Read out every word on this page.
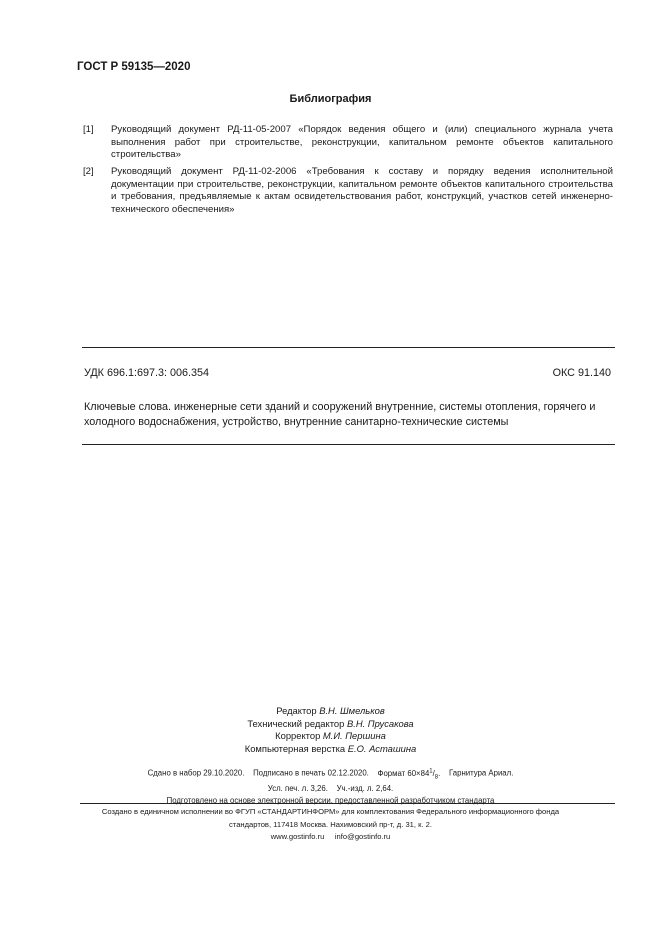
ГОСТ Р 59135—2020
Библиография
[1] Руководящий документ РД-11-05-2007 «Порядок ведения общего и (или) специального журнала учета выполнения работ при строительстве, реконструкции, капитальном ремонте объектов капитального строительства»
[2] Руководящий документ РД-11-02-2006 «Требования к составу и порядку ведения исполнительной документации при строительстве, реконструкции, капитальном ремонте объектов капитального строительства и требования, предъявляемые к актам освидетельствования работ, конструкций, участков сетей инженерно-технического обеспечения»
УДК 696.1:697.3: 006.354	ОКС 91.140
Ключевые слова. инженерные сети зданий и сооружений внутренние, системы отопления, горячего и холодного водоснабжения, устройство, внутренние санитарно-технические системы
Редактор В.Н. Шмельков
Технический редактор В.Н. Прусакова
Корректор М.И. Першина
Компьютерная верстка Е.О. Асташина
Сдано в набор 29.10.2020. Подписано в печать 02.12.2020. Формат $60\times 84^1/_8$. Гарнитура Ариал.
Усл. печ. л. 3,26. Уч.-изд. л. 2,64.
Подготовлено на основе электронной версии, предоставленной разработчиком стандарта
Создано в единичном исполнении во ФГУП «СТАНДАРТИНФОРМ» для комплектования Федерального информационного фонда
стандартов, 117418 Москва. Нахимовский пр-т, д. 31, к. 2.
www.gostinfo.ru info@gostinfo.ru
